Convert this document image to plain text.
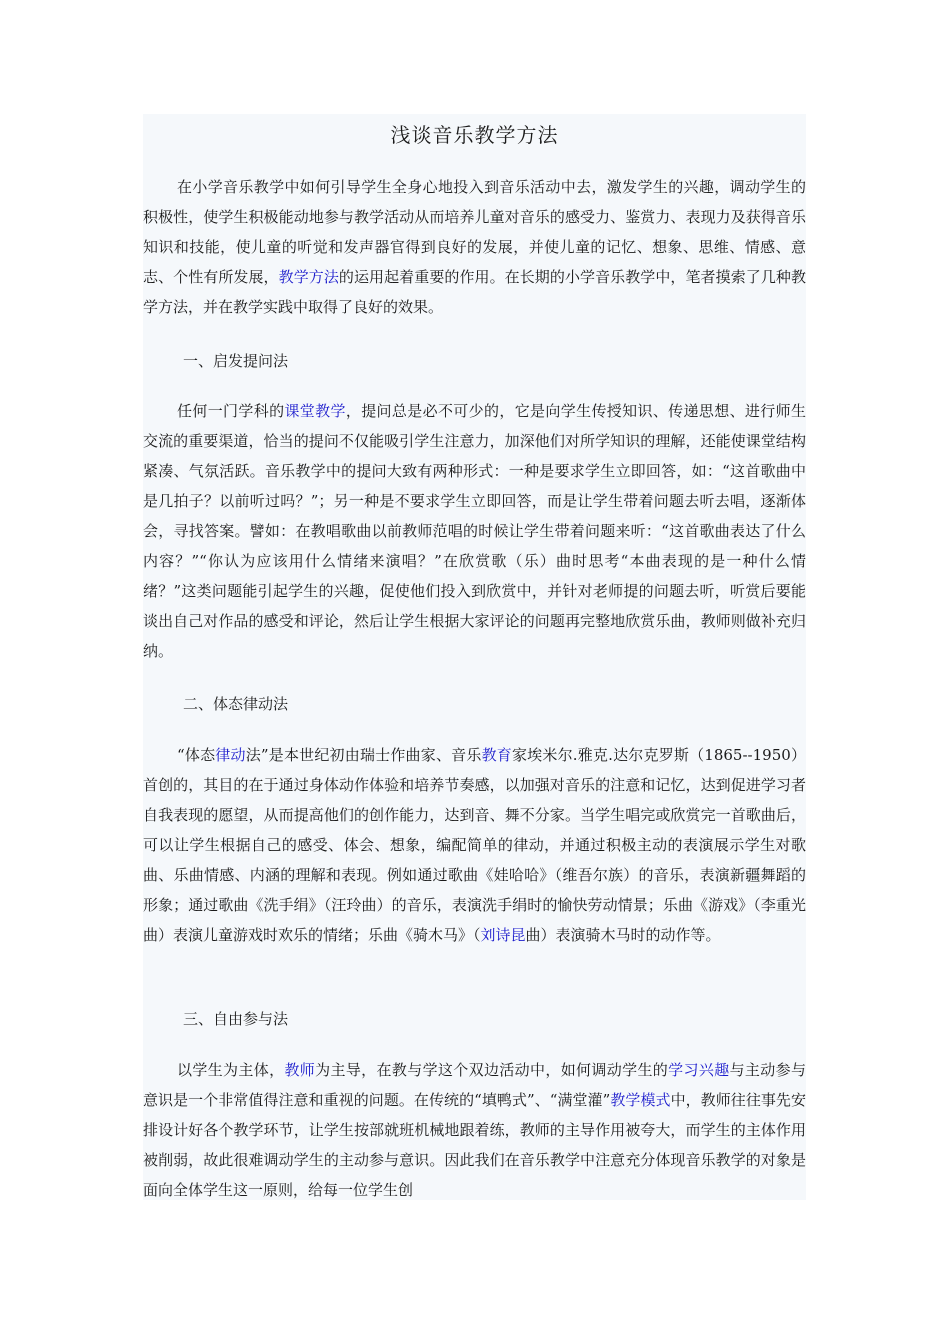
浅谈音乐教学方法

在小学音乐教学中如何引导学生全身心地投入到音乐活动中去，激发学生的兴趣，调动学生的积极性，使学生积极能动地参与教学活动从而培养儿童对音乐的感受力、鉴赏力、表现力及获得音乐知识和技能，使儿童的听觉和发声器官得到良好的发展，并使儿童的记忆、想象、思维、情感、意志、个性有所发展，教学方法的运用起着重要的作用。在长期的小学音乐教学中，笔者摸索了几种教学方法，并在教学实践中取得了良好的效果。

一、启发提问法

任何一门学科的课堂教学，提问总是必不可少的，它是向学生传授知识、传递思想、进行师生交流的重要渠道，恰当的提问不仅能吸引学生注意力，加深他们对所学知识的理解，还能使课堂结构紧凑、气氛活跃。音乐教学中的提问大致有两种形式：一种是要求学生立即回答，如：“这首歌曲中是几拍子？以前听过吗？”；另一种是不要求学生立即回答，而是让学生带着问题去听去唱，逐渐体会，寻找答案。譬如：在教唱歌曲以前教师范唱的时候让学生带着问题来听：“这首歌曲表达了什么内容？”“你认为应该用什么情绪来演唱？”在欣赏歌（乐）曲时思考“本曲表现的是一种什么情绪？”这类问题能引起学生的兴趣，促使他们投入到欣赏中，并针对老师提的问题去听，听赏后要能谈出自己对作品的感受和评论，然后让学生根据大家评论的问题再完整地欣赏乐曲，教师则做补充归纳。

二、体态律动法

“体态律动法”是本世纪初由瑞士作曲家、音乐教育家埃米尔.雅克.达尔克罗斯（1865--1950）首创的，其目的在于通过身体动作体验和培养节奏感，以加强对音乐的注意和记忆，达到促进学习者自我表现的愿望，从而提高他们的创作能力，达到音、舞不分家。当学生唱完或欣赏完一首歌曲后，可以让学生根据自己的感受、体会、想象，编配简单的律动，并通过积极主动的表演展示学生对歌曲、乐曲情感、内涵的理解和表现。例如通过歌曲《娃哈哈》（维吾尔族）的音乐，表演新疆舞蹈的形象；通过歌曲《洗手绢》（汪玲曲）的音乐，表演洗手绢时的愉快劳动情景；乐曲《游戏》（李重光曲）表演儿童游戏时欢乐的情绪；乐曲《骑木马》（刘诗昆曲）表演骑木马时的动作等。

三、自由参与法

以学生为主体，教师为主导，在教与学这个双边活动中，如何调动学生的学习兴趣与主动参与意识是一个非常值得注意和重视的问题。在传统的“填鸭式”、“满堂灌”教学模式中，教师往往事先安排设计好各个教学环节，让学生按部就班机械地跟着练，教师的主导作用被夸大，而学生的主体作用被削弱，故此很难调动学生的主动参与意识。因此我们在音乐教学中注意充分体现音乐教学的对象是面向全体学生这一原则，给每一位学生创
